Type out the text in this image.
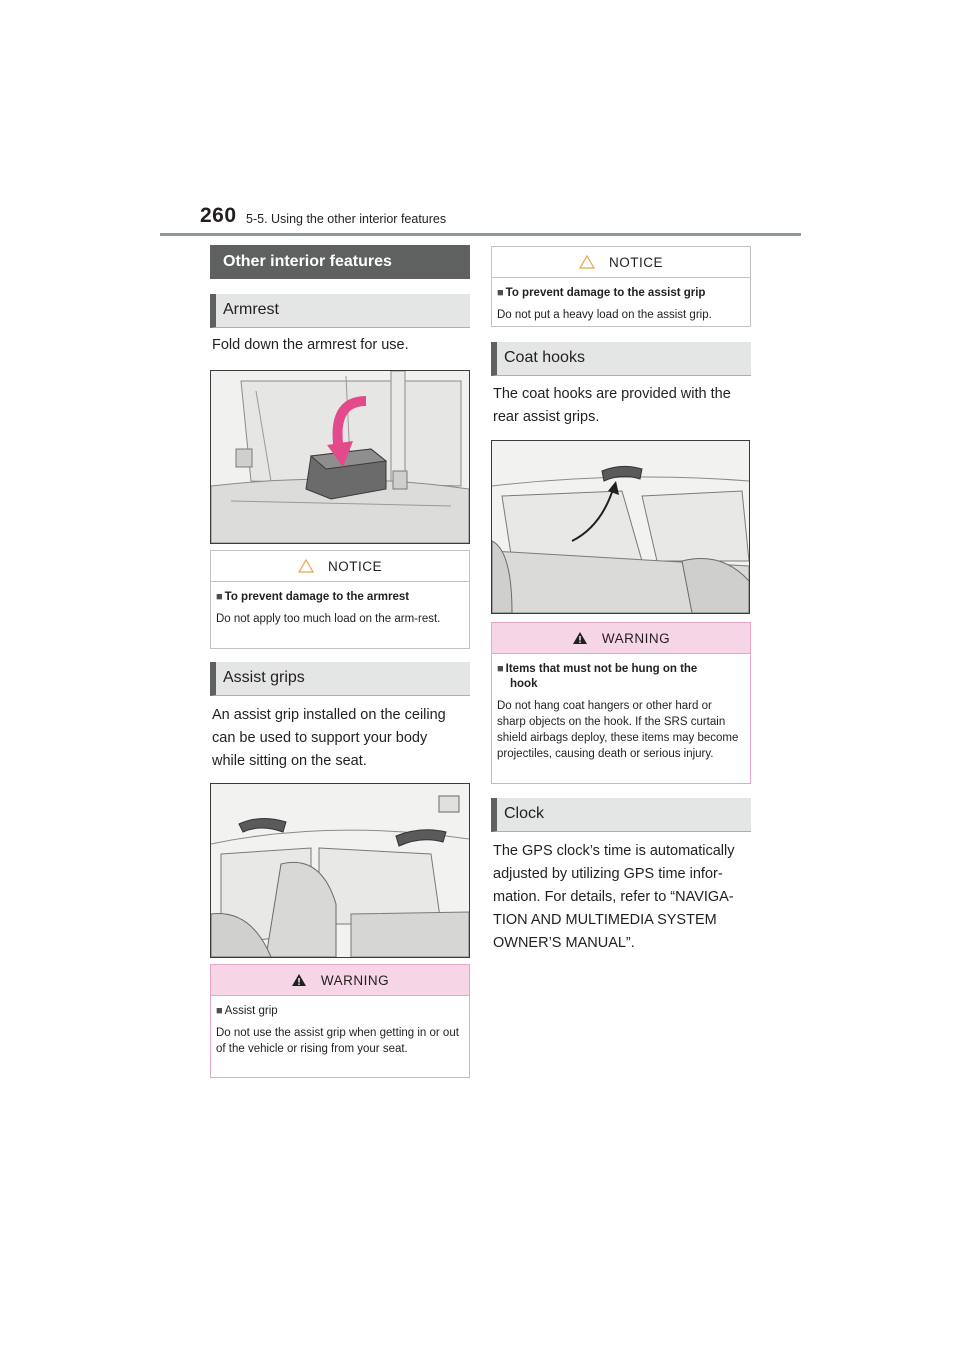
260 5-5. Using the other interior features
Other interior features
Armrest
Fold down the armrest for use.
NOTICE
■ To prevent damage to the armrest
Do not apply too much load on the arm-rest.
Assist grips
An assist grip installed on the ceiling
can be used to support your body
while sitting on the seat.
WARNING
■ Assist grip
Do not use the assist grip when getting in or out of the vehicle or rising from your seat.
NOTICE
■ To prevent damage to the assist grip
Do not put a heavy load on the assist grip.
Coat hooks
The coat hooks are provided with the
rear assist grips.
WARNING
■ Items that must not be hung on the
hook
Do not hang coat hangers or other hard or sharp objects on the hook. If the SRS curtain shield airbags deploy, these items may become projectiles, causing death or serious injury.
Clock
The GPS clock’s time is automatically
adjusted by utilizing GPS time infor-
mation. For details, refer to “NAVIGA-
TION AND MULTIMEDIA SYSTEM
OWNER’S MANUAL”.
